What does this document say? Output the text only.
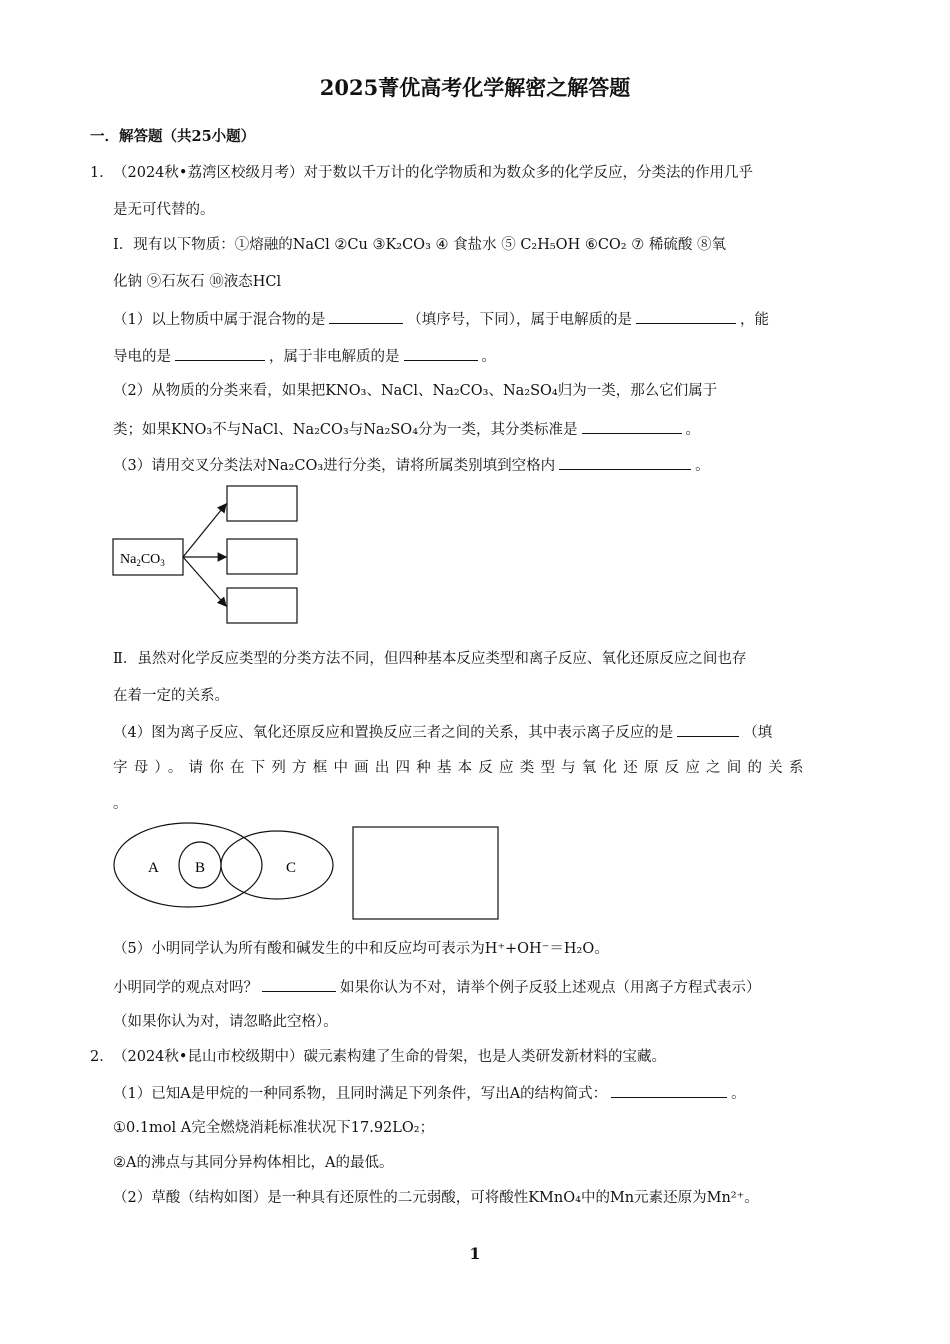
2025菁优高考化学解密之解答题
一．解答题（共25小题）
1． （2024秋•荔湾区校级月考）对于数以千万计的化学物质和为数众多的化学反应，分类法的作用几乎
是无可代替的。
Ⅰ．现有以下物质：①熔融的NaCl ②Cu ③K₂CO₃ ④ 食盐水 ⑤ C₂H₅OH ⑥CO₂ ⑦ 稀硫酸 ⑧氧
化钠 ⑨石灰石 ⑩液态HCl
（1）以上物质中属于混合物的是	（填序号，下同），属于电解质的是	，能
导电的是	，属于非电解质的是	。
（2）从物质的分类来看，如果把KNO₃、NaCl、Na₂CO₃、Na₂SO₄归为一类，那么它们属于
类；如果KNO₃不与NaCl、Na₂CO₃与Na₂SO₄分为一类，其分类标准是	。
（3）请用交叉分类法对Na₂CO₃进行分类，请将所属类别填到空格内	。
$Na_2CO_3$
Ⅱ．虽然对化学反应类型的分类方法不同，但四种基本反应类型和离子反应、氧化还原反应之间也存
在着一定的关系。
（4）图为离子反应、氧化还原反应和置换反应三者之间的关系，其中表示离子反应的是	（填
字母）。请你在下列方框中画出四种基本反应类型与氧化还原反应之间的关系
。
A B	C
（5）小明同学认为所有酸和碱发生的中和反应均可表示为H⁺+OH⁻＝H₂O。
小明同学的观点对吗？	如果你认为不对，请举个例子反驳上述观点（用离子方程式表示）
（如果你认为对，请忽略此空格）。
2． （2024秋•昆山市校级期中）碳元素构建了生命的骨架，也是人类研发新材料的宝藏。
（1）已知A是甲烷的一种同系物，且同时满足下列条件，写出A的结构简式：	。
①0.1mol A完全燃烧消耗标准状况下17.92LO₂；
②A的沸点与其同分异构体相比，A的最低。
（2）草酸（结构如图）是一种具有还原性的二元弱酸，可将酸性KMnO₄中的Mn元素还原为Mn²⁺。
1
